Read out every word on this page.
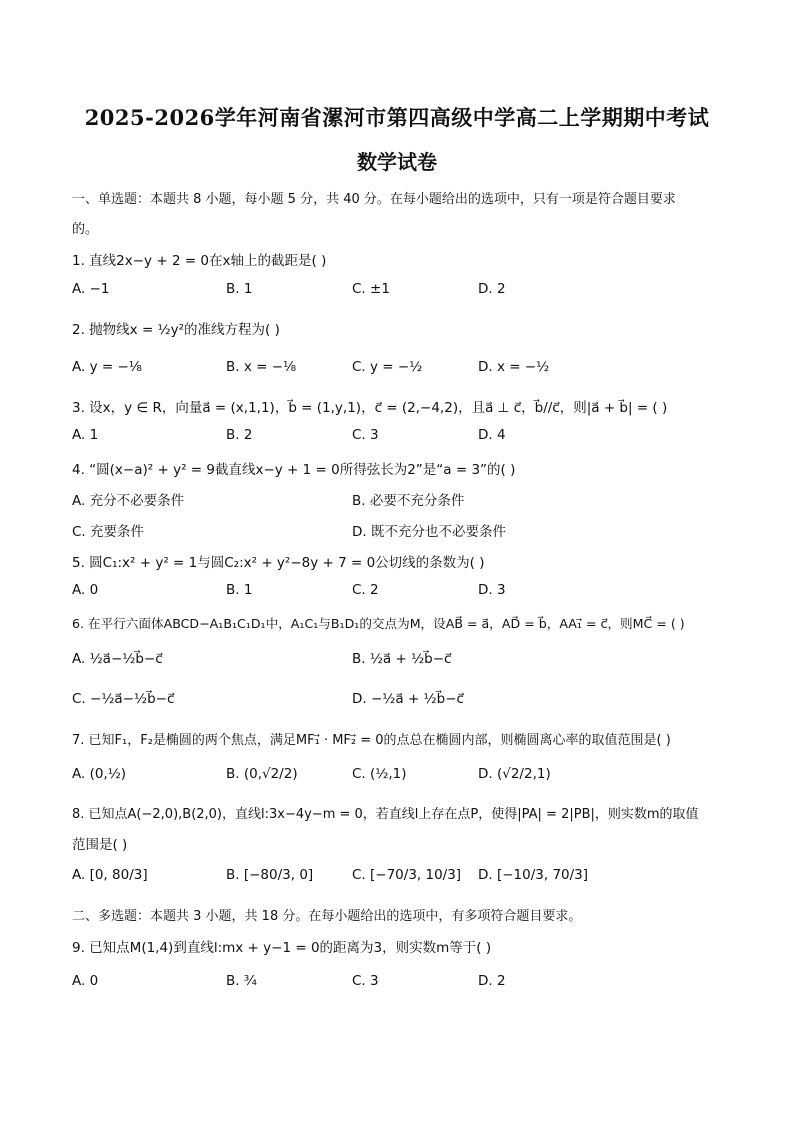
2025-2026学年河南省漯河市第四高级中学高二上学期期中考试
数学试卷
一、单选题：本题共 8 小题，每小题 5 分，共 40 分。在每小题给出的选项中，只有一项是符合题目要求
的。
1. 直线2x−y + 2 = 0在x轴上的截距是( )
A. −1	B. 1	C. ±1	D. 2
2. 抛物线x = ½y²的准线方程为( )
A. y = −⅛	B. x = −⅛	C. y = −½	D. x = −½
3. 设x，y ∈ R，向量a⃗ = (x,1,1)，b⃗ = (1,y,1)，c⃗ = (2,−4,2)，且a⃗ ⊥ c⃗，b⃗//c⃗，则|a⃗ + b⃗| = ( )
A. 1	B. 2	C. 3	D. 4
4. “圆(x−a)² + y² = 9截直线x−y + 1 = 0所得弦长为2”是“a = 3”的( )
A. 充分不必要条件	B. 必要不充分条件
C. 充要条件	D. 既不充分也不必要条件
5. 圆C₁:x² + y² = 1与圆C₂:x² + y²−8y + 7 = 0公切线的条数为( )
A. 0	B. 1	C. 2	D. 3
6. 在平行六面体ABCD−A₁B₁C₁D₁中，A₁C₁与B₁D₁的交点为M，设AB⃗ = a⃗，AD⃗ = b⃗，AA₁⃗ = c⃗，则MC⃗ = ( )
A. ½a⃗−½b⃗−c⃗	B. ½a⃗ + ½b⃗−c⃗
C. −½a⃗−½b⃗−c⃗	D. −½a⃗ + ½b⃗−c⃗
7. 已知F₁，F₂是椭圆的两个焦点，满足MF₁⃗ · MF₂⃗ = 0的点总在椭圆内部，则椭圆离心率的取值范围是( )
A. (0,½)	B. (0,√2/2)	C. (½,1)	D. (√2/2,1)
8. 已知点A(−2,0),B(2,0)，直线l:3x−4y−m = 0，若直线l上存在点P，使得|PA| = 2|PB|，则实数m的取值
范围是( )
A. [0, 80/3]	B. [−80/3, 0]	C. [−70/3, 10/3] D. [−10/3, 70/3]
二、多选题：本题共 3 小题，共 18 分。在每小题给出的选项中，有多项符合题目要求。
9. 已知点M(1,4)到直线l:mx + y−1 = 0的距离为3，则实数m等于( )
A. 0	B. ¾	C. 3	D. 2
